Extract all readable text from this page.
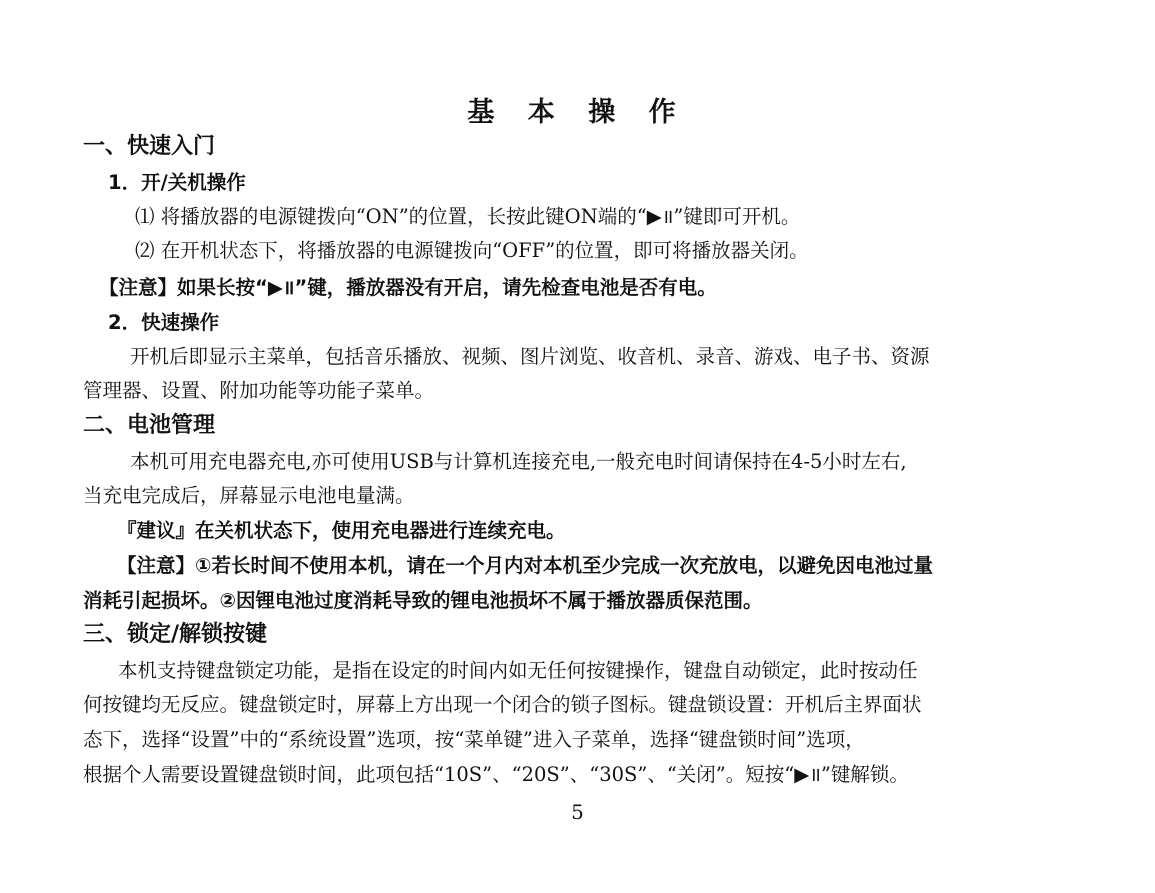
基 本 操 作
一、快速入门
1．开/关机操作
⑴ 将播放器的电源键拨向“ON”的位置，长按此键ON端的“▶॥”键即可开机。
⑵ 在开机状态下，将播放器的电源键拨向“OFF”的位置，即可将播放器关闭。
【注意】如果长按“▶॥”键，播放器没有开启，请先检查电池是否有电。
2．快速操作
开机后即显示主菜单，包括音乐播放、视频、图片浏览、收音机、录音、游戏、电子书、资源
管理器、设置、附加功能等功能子菜单。
二、电池管理
本机可用充电器充电,亦可使用USB与计算机连接充电,一般充电时间请保持在4-5小时左右,
当充电完成后，屏幕显示电池电量满。
『建议』在关机状态下，使用充电器进行连续充电。
【注意】①若长时间不使用本机，请在一个月内对本机至少完成一次充放电，以避免因电池过量
消耗引起损坏。②因锂电池过度消耗导致的锂电池损坏不属于播放器质保范围。
三、锁定/解锁按键
本机支持键盘锁定功能，是指在设定的时间内如无任何按键操作，键盘自动锁定，此时按动任
何按键均无反应。键盘锁定时，屏幕上方出现一个闭合的锁子图标。键盘锁设置：开机后主界面状
态下，选择“设置”中的“系统设置”选项，按“菜单键”进入子菜单，选择“键盘锁时间”选项，
根据个人需要设置键盘锁时间，此项包括“10S”、“20S”、“30S”、“关闭”。短按“▶॥”键解锁。
5
